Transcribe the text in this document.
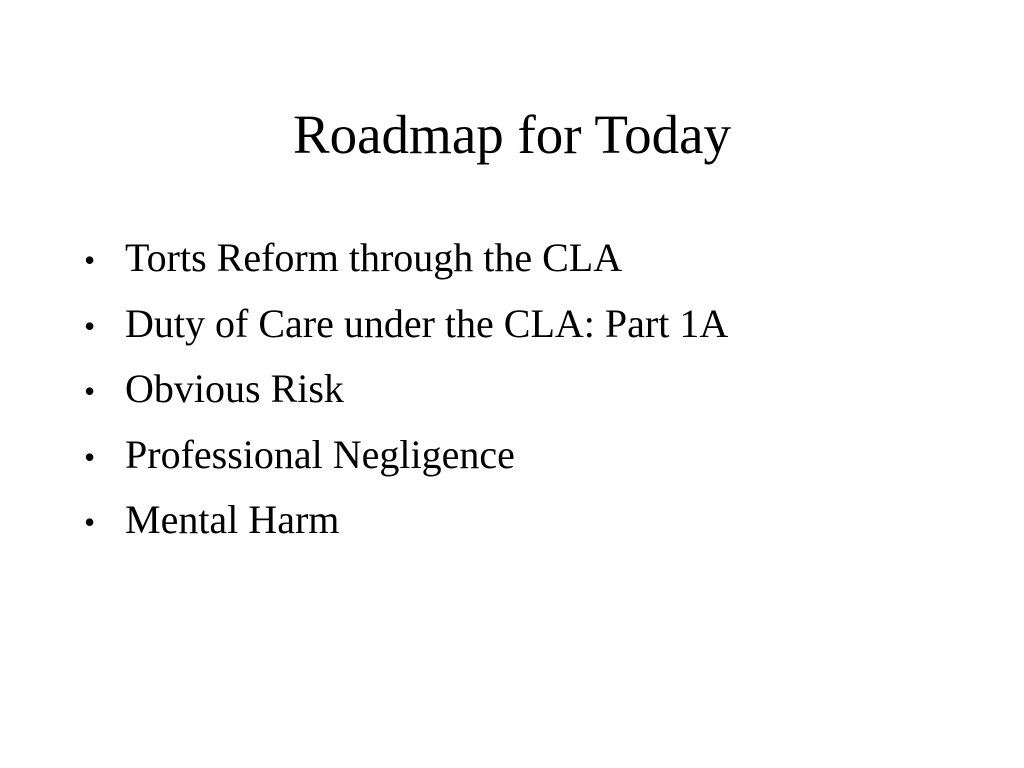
Roadmap for Today
• Torts Reform through the CLA
• Duty of Care under the CLA: Part 1A
• Obvious Risk
• Professional Negligence
• Mental Harm
